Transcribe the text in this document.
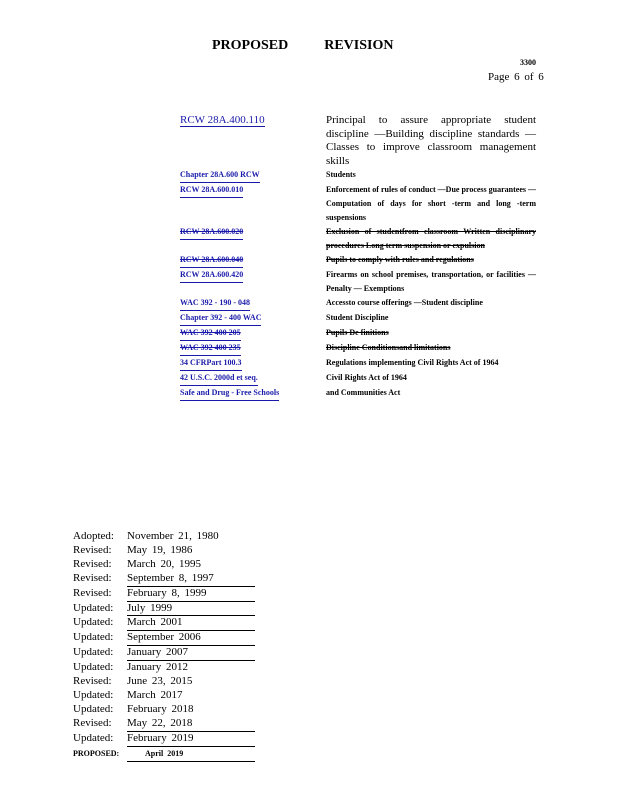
PROPOSED	REVISION
3300
Page 6 of 6
RCW 28A.400.110	Principal to assure appropriate student discipline —Building discipline standards — Classes to improve classroom management skills
Chapter 28A.600 RCW	Students
RCW 28A.600.010	Enforcement of rules of conduct —Due process guarantees —Computation of days for short -term and long -term suspensions
RCW 28A.600.020	Exclusion of studentfrom classroom Written disciplinary procedures Long term suspension or expulsion
RCW 28A.600.040	Pupils to comply with rules and regulations
RCW 28A.600.420	Firearms on school premises, transportation, or facilities —Penalty — Exemptions
WAC 392 - 190 - 048	Accessto course offerings —Student discipline
Chapter 392 - 400 WAC	Student Discipline
WAC 392 400 205	Pupils De finitions
WAC 392 400 235	Discipline Conditionsand limitations
34 CFRPart 100.3	Regulations implementing Civil Rights Act of 1964
42 U.S.C. 2000d et seq.	Civil Rights Act of 1964
Safe and Drug - Free Schools	and Communities Act
Adopted:	November 21, 1980
Revised:	May 19, 1986
Revised:	March 20, 1995
Revised:	September 8, 1997
Revised:	February 8, 1999
Updated:	July 1999
Updated:	March 2001
Updated:	September 2006
Updated:	January 2007
Updated:	January 2012
Revised:	June 23, 2015
Updated:	March 2017
Updated:	February 2018
Revised:	May 22, 2018
Updated:	February 2019
PROPOSED:	April 2019
